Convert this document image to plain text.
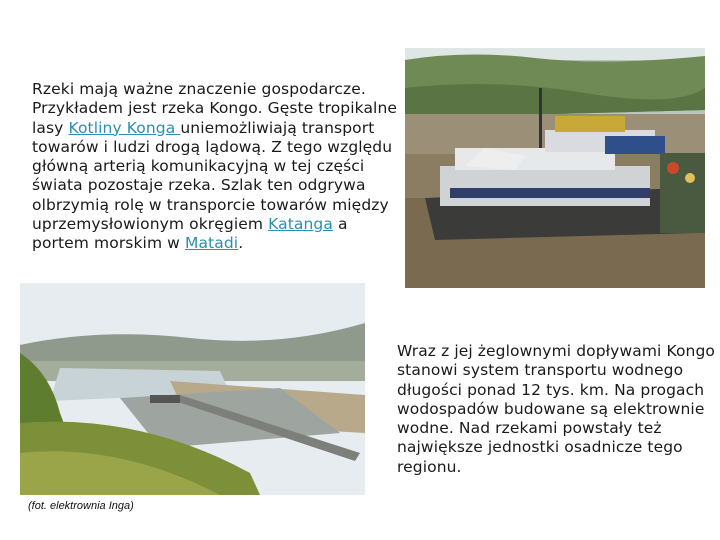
Rzeki mają ważne znaczenie gospodarcze. Przykładem jest rzeka Kongo. Gęste tropikalne lasy Kotliny Konga uniemożliwiają transport towarów i ludzi drogą lądową. Z tego względu główną arterią komunikacyjną w tej części świata pozostaje rzeka. Szlak ten odgrywa olbrzymią rolę w transporcie towarów między uprzemysłowionym okręgiem Katanga a portem morskim w Matadi.
Wraz z jej żeglownymi dopływami Kongo stanowi system transportu wodnego długości ponad 12 tys. km. Na progach wodospadów budowane są elektrownie wodne. Nad rzekami powstały też największe jednostki osadnicze tego regionu.
(fot. elektrownia Inga)
